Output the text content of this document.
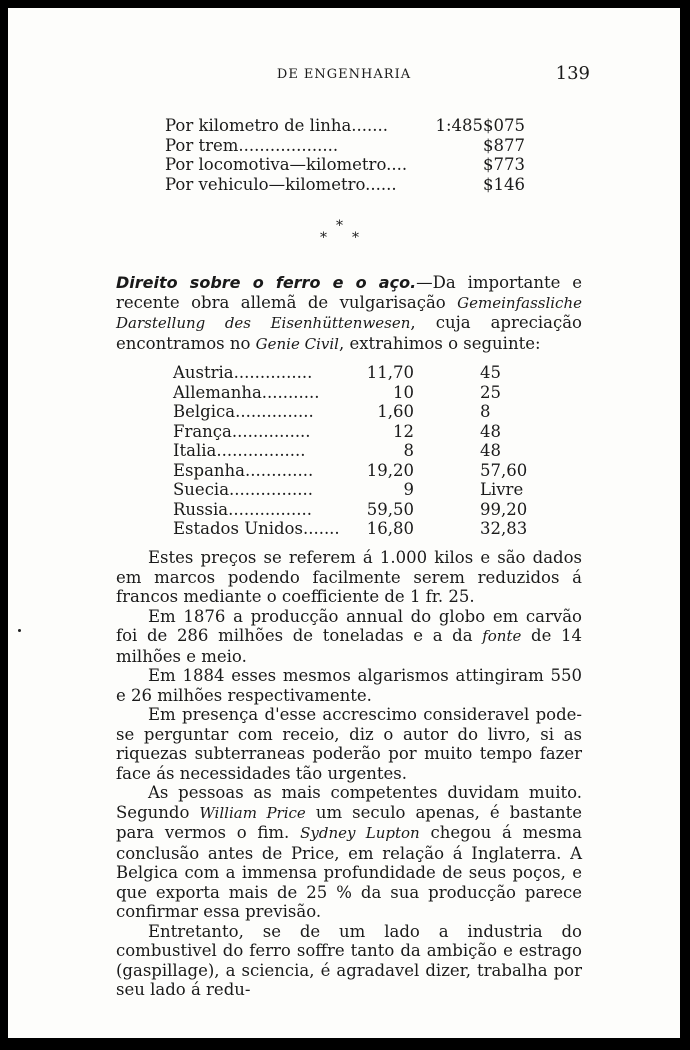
DE ENGENHARIA	139
Por kilometro de linha.......	1:485$075
Por trem...................	$877
Por locomotiva—kilometro....	$773
Por vehiculo—kilometro......	$146
*
* *
Direito sobre o ferro e o aço.—Da importante e recente obra allemã de vulgarisação Gemeinfassliche Darstellung des Eisenhüttenwesen, cuja apreciação encontramos no Genie Civil, extrahimos o seguinte:
Austria...............	11,70	45
Allemanha...........	10	25
Belgica...............	1,60	8
França...............	12	48
Italia.................	8	48
Espanha.............	19,20	57,60
Suecia................	9	Livre
Russia................	59,50	99,20
Estados Unidos....... 16,80	32,83

Estes preços se referem á 1.000 kilos e são dados em marcos podendo facilmente serem reduzidos á francos mediante o coefficiente de 1 fr. 25.

Em 1876 a producção annual do globo em carvão foi de 286 milhões de toneladas e a da fonte de 14 milhões e meio.

Em 1884 esses mesmos algarismos attingiram 550 e 26 milhões respectivamente.

Em presença d'esse accrescimo consideravel pode-se perguntar com receio, diz o autor do livro, si as riquezas subterraneas poderão por muito tempo fazer face ás necessidades tão urgentes.

As pessoas as mais competentes duvidam muito. Segundo William Price um seculo apenas, é bastante para vermos o fim. Sydney Lupton chegou á mesma conclusão antes de Price, em relação á Inglaterra. A Belgica com a immensa profundidade de seus poços, e que exporta mais de 25 % da sua producção parece confirmar essa previsão.

Entretanto, se de um lado a industria do combustivel do ferro soffre tanto da ambição e estrago (gaspillage), a sciencia, é agradavel dizer, trabalha por seu lado á redu-
